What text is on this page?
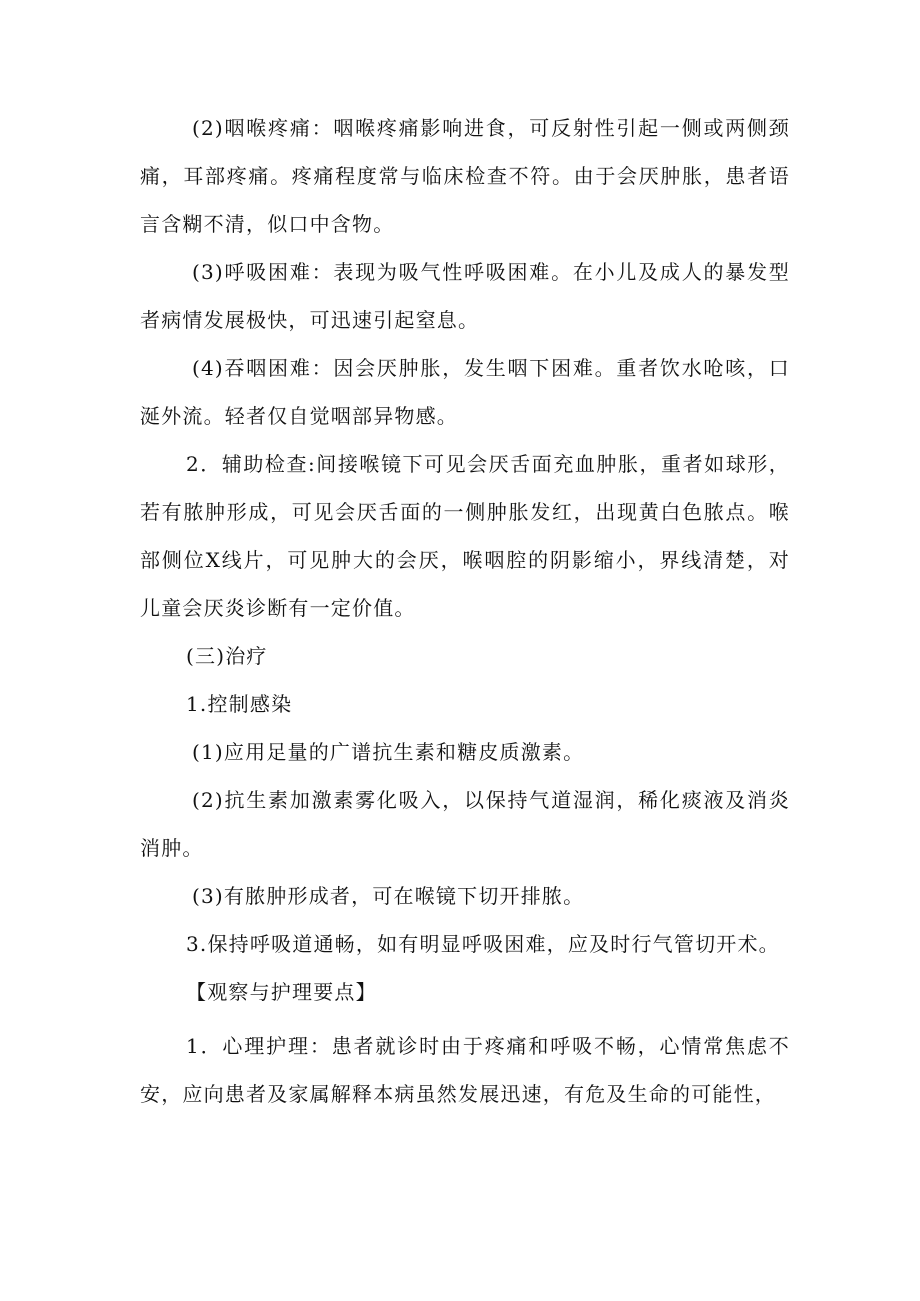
(2)咽喉疼痛：咽喉疼痛影响进食，可反射性引起一侧或两侧颈痛，耳部疼痛。疼痛程度常与临床检查不符。由于会厌肿胀，患者语言含糊不清，似口中含物。

(3)呼吸困难：表现为吸气性呼吸困难。在小儿及成人的暴发型者病情发展极快，可迅速引起窒息。

(4)吞咽困难：因会厌肿胀，发生咽下困难。重者饮水呛咳，口涎外流。轻者仅自觉咽部异物感。

2．辅助检查:间接喉镜下可见会厌舌面充血肿胀，重者如球形，若有脓肿形成，可见会厌舌面的一侧肿胀发红，出现黄白色脓点。喉部侧位X线片，可见肿大的会厌，喉咽腔的阴影缩小，界线清楚，对儿童会厌炎诊断有一定价值。

(三)治疗

1.控制感染

(1)应用足量的广谱抗生素和糖皮质激素。

(2)抗生素加激素雾化吸入，以保持气道湿润，稀化痰液及消炎消肿。

(3)有脓肿形成者，可在喉镜下切开排脓。

3.保持呼吸道通畅，如有明显呼吸困难，应及时行气管切开术。

【观察与护理要点】

1．心理护理：患者就诊时由于疼痛和呼吸不畅，心情常焦虑不安，应向患者及家属解释本病虽然发展迅速，有危及生命的可能性，
